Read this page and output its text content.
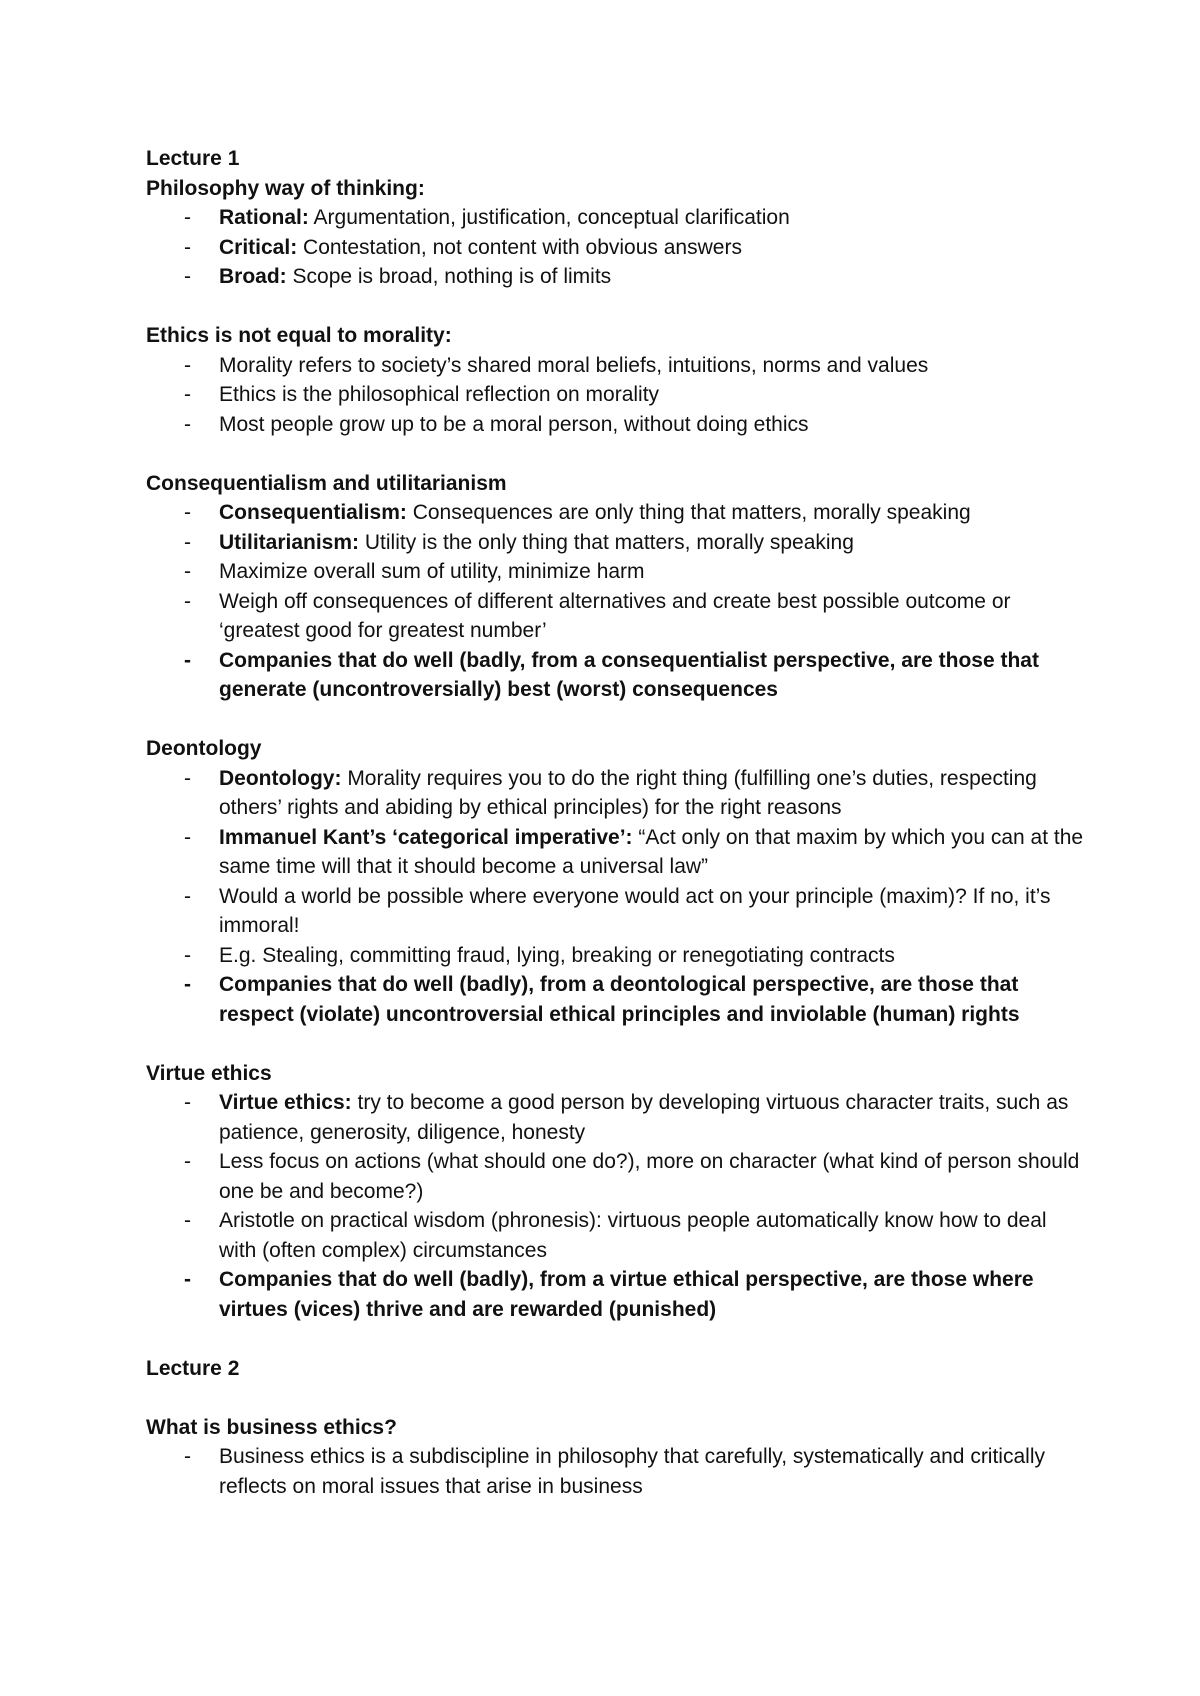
Lecture 1

Philosophy way of thinking:

- Rational: Argumentation, justification, conceptual clarification
- Critical: Contestation, not content with obvious answers
- Broad: Scope is broad, nothing is of limits

Ethics is not equal to morality:

- Morality refers to society’s shared moral beliefs, intuitions, norms and values
- Ethics is the philosophical reflection on morality
- Most people grow up to be a moral person, without doing ethics

Consequentialism and utilitarianism

- Consequentialism: Consequences are only thing that matters, morally speaking
- Utilitarianism: Utility is the only thing that matters, morally speaking
- Maximize overall sum of utility, minimize harm
- Weigh off consequences of different alternatives and create best possible outcome or ‘greatest good for greatest number’
- Companies that do well (badly, from a consequentialist perspective, are those that generate (uncontroversially) best (worst) consequences

Deontology

- Deontology: Morality requires you to do the right thing (fulfilling one’s duties, respecting others’ rights and abiding by ethical principles) for the right reasons
- Immanuel Kant’s ‘categorical imperative’: “Act only on that maxim by which you can at the same time will that it should become a universal law”
- Would a world be possible where everyone would act on your principle (maxim)? If no, it’s immoral!
- E.g. Stealing, committing fraud, lying, breaking or renegotiating contracts
- Companies that do well (badly), from a deontological perspective, are those that respect (violate) uncontroversial ethical principles and inviolable (human) rights

Virtue ethics

- Virtue ethics: try to become a good person by developing virtuous character traits, such as patience, generosity, diligence, honesty
- Less focus on actions (what should one do?), more on character (what kind of person should one be and become?)
- Aristotle on practical wisdom (phronesis): virtuous people automatically know how to deal with (often complex) circumstances
- Companies that do well (badly), from a virtue ethical perspective, are those where virtues (vices) thrive and are rewarded (punished)

Lecture 2

What is business ethics?

- Business ethics is a subdiscipline in philosophy that carefully, systematically and critically reflects on moral issues that arise in business
